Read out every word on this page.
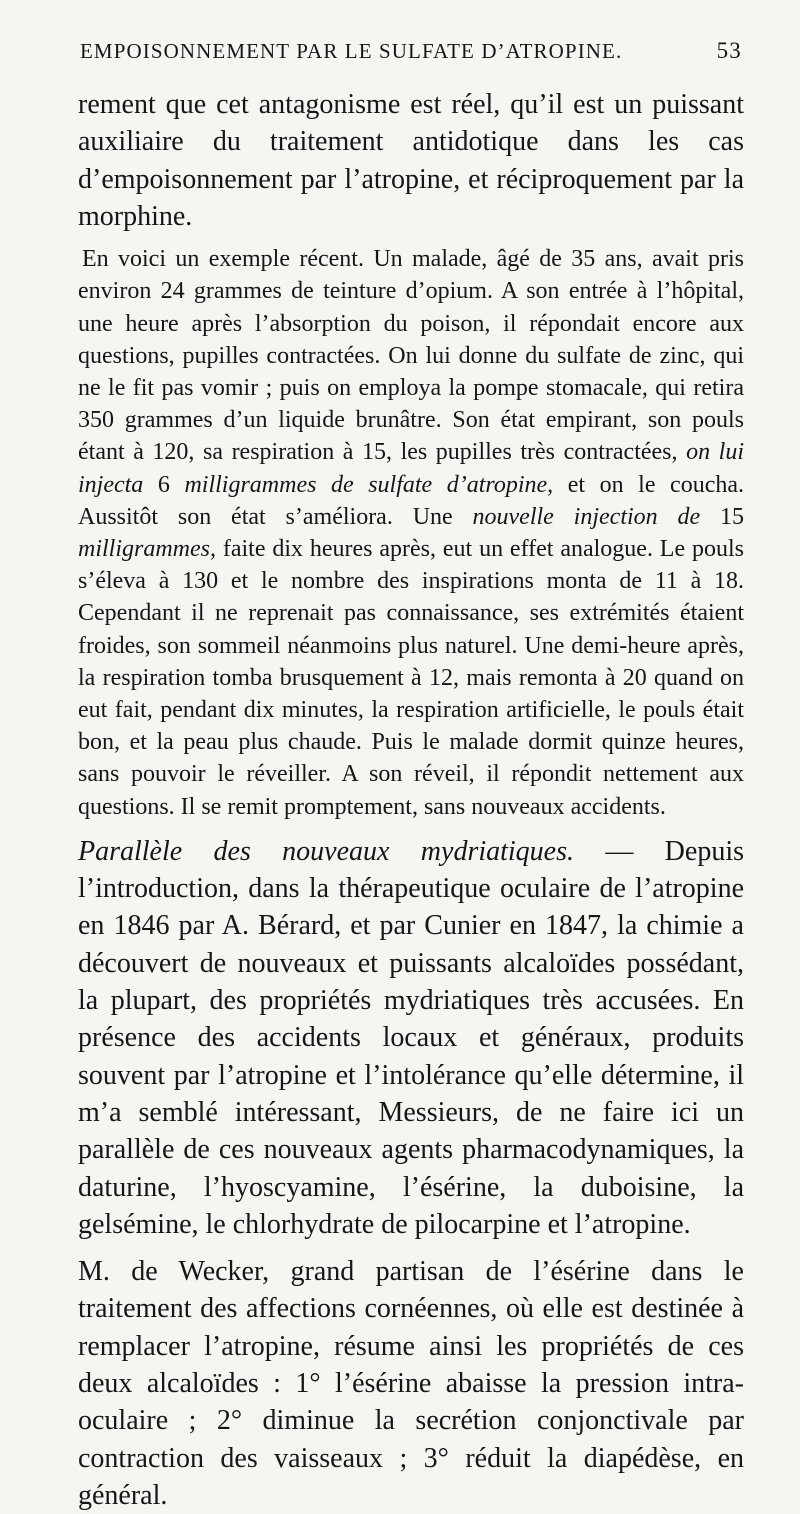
EMPOISONNEMENT PAR LE SULFATE D’ATROPINE.	53

rement que cet antagonisme est réel, qu’il est un puissant auxiliaire du traitement antidotique dans les cas d’empoisonnement par l’atropine, et réciproquement par la morphine.

En voici un exemple récent. Un malade, âgé de 35 ans, avait pris environ 24 grammes de teinture d’opium. A son entrée à l’hôpital, une heure après l’absorption du poison, il répondait encore aux questions, pupilles contractées. On lui donne du sulfate de zinc, qui ne le fit pas vomir ; puis on employa la pompe stomacale, qui retira 350 grammes d’un liquide brunâtre. Son état empirant, son pouls étant à 120, sa respiration à 15, les pupilles très contractées, on lui injecta 6 milligrammes de sulfate d’atropine, et on le coucha. Aussitôt son état s’améliora. Une nouvelle injection de 15 milligrammes, faite dix heures après, eut un effet analogue. Le pouls s’éleva à 130 et le nombre des inspirations monta de 11 à 18. Cependant il ne reprenait pas connaissance, ses extrémités étaient froides, son sommeil néanmoins plus naturel. Une demi-heure après, la respiration tomba brusquement à 12, mais remonta à 20 quand on eut fait, pendant dix minutes, la respiration artificielle, le pouls était bon, et la peau plus chaude. Puis le malade dormit quinze heures, sans pouvoir le réveiller. A son réveil, il répondit nettement aux questions. Il se remit promptement, sans nouveaux accidents.

Parallèle des nouveaux mydriatiques. — Depuis l’introduction, dans la thérapeutique oculaire de l’atropine en 1846 par A. Bérard, et par Cunier en 1847, la chimie a découvert de nouveaux et puissants alcaloïdes possédant, la plupart, des propriétés mydriatiques très accusées. En présence des accidents locaux et généraux, produits souvent par l’atropine et l’intolérance qu’elle détermine, il m’a semblé intéressant, Messieurs, de ne faire ici un parallèle de ces nouveaux agents pharmacodynamiques, la daturine, l’hyoscyamine, l’ésérine, la duboisine, la gelsémine, le chlorhydrate de pilocarpine et l’atropine.

M. de Wecker, grand partisan de l’ésérine dans le traitement des affections cornéennes, où elle est destinée à remplacer l’atropine, résume ainsi les propriétés de ces deux alcaloïdes : 1° l’ésérine abaisse la pression intra-oculaire ; 2° diminue la secrétion conjonctivale par contraction des vaisseaux ; 3° réduit la diapédèse, en général.
